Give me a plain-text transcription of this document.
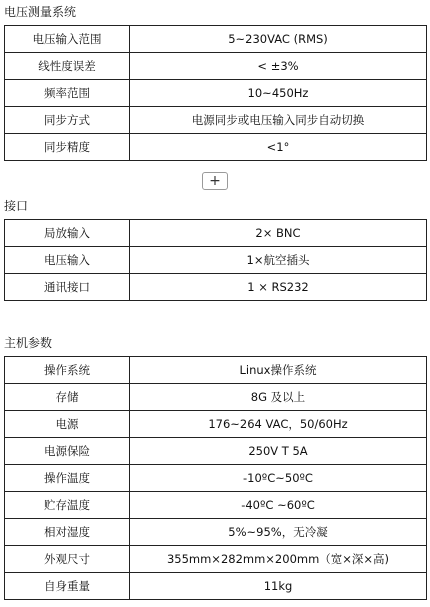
电压测量系统
电压输入范围	5~230VAC (RMS)
线性度误差	< ±3%
频率范围	10~450Hz
同步方式	电源同步或电压输入同步自动切换
同步精度	<1°
+
接口
局放输入	2× BNC
电压输入	1×航空插头
通讯接口	1 × RS232
主机参数
操作系统	Linux操作系统
存储	8G 及以上
电源	176~264 VAC，50/60Hz
电源保险	250V T 5A
操作温度	-10ºC~50ºC
贮存温度	-40ºC ~60ºC
相对湿度	5%~95%，无冷凝
外观尺寸	355mm×282mm×200mm（宽×深×高)
自身重量	11kg
